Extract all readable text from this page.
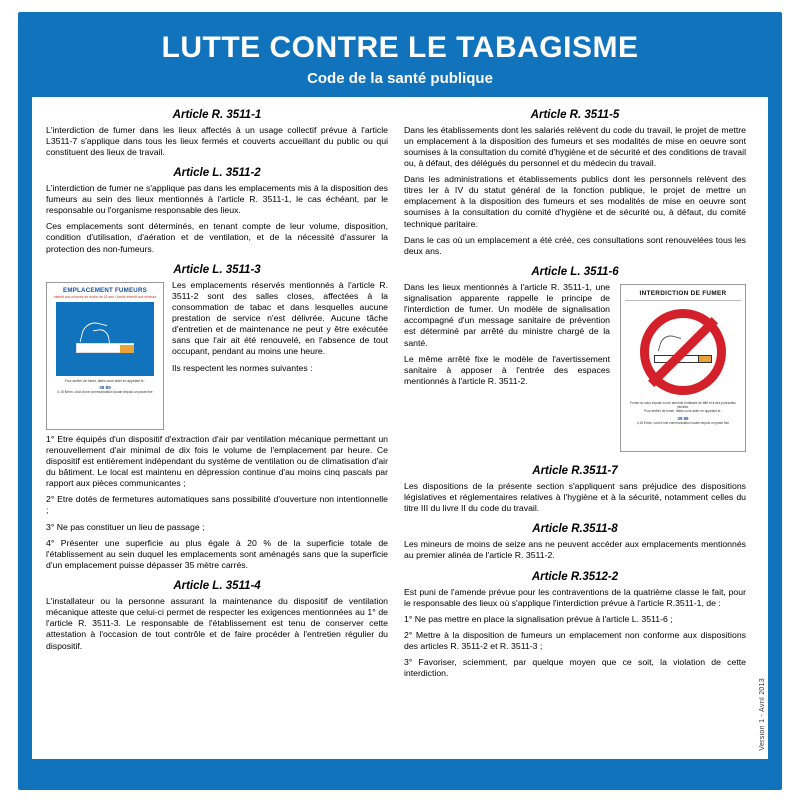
LUTTE CONTRE LE TABAGISME
Code de la santé publique
Article R. 3511-1

L'interdiction de fumer dans les lieux affectés à un usage collectif prévue à l'article L3511-7 s'applique dans tous les lieux fermés et couverts accueillant du public ou qui constituent des lieux de travail.

Article L. 3511-2

L'interdiction de fumer ne s'applique pas dans les emplacements mis à la disposition des fumeurs au sein des lieux mentionnés à l'article R. 3511-1, le cas échéant, par le responsable ou l'organisme responsable des lieux.

Ces emplacements sont déterminés, en tenant compte de leur volume, disposition, condition d'utilisation, d'aération et de ventilation, et de la nécessité d'assurer la protection des non-fumeurs.

Article L. 3511-3
EMPLACEMENT FUMEURS
Interdit aux mineurs de moins de 18 ans / Accès interdit aux mineurs
Pour arrêter de fumer, faites-vous aider en appelant le :
39 89
0,15 €/min, coût d'une communication locale depuis un poste fixe

Les emplacements réservés mentionnés à l'article R. 3511-2 sont des salles closes, affectées à la consommation de tabac et dans lesquelles aucune prestation de service n'est délivrée. Aucune tâche d'entretien et de maintenance ne peut y être exécutée sans que l'air ait été renouvelé, en l'absence de tout occupant, pendant au moins une heure.

Ils respectent les normes suivantes :

1° Etre équipés d'un dispositif d'extraction d'air par ventilation mécanique permettant un renouvellement d'air minimal de dix fois le volume de l'emplacement par heure. Ce dispositif est entièrement indépendant du système de ventilation ou de climatisation d'air du bâtiment. Le local est maintenu en dépression continue d'au moins cinq pascals par rapport aux pièces communicantes ;

2° Etre dotés de fermetures automatiques sans possibilité d'ouverture non intentionnelle ;

3° Ne pas constituer un lieu de passage ;

4° Présenter une superficie au plus égale à 20 % de la superficie totale de l'établissement au sein duquel les emplacements sont aménagés sans que la superficie d'un emplacement puisse dépasser 35 mètre carrés.

Article L. 3511-4

L'installateur ou la personne assurant la maintenance du dispositif de ventilation mécanique atteste que celui-ci permet de respecter les exigences mentionnées au 1° de l'article R. 3511-3. Le responsable de l'établissement est tenu de conserver cette attestation à l'occasion de tout contrôle et de faire procéder à l'entretien régulier du dispositif.

Article R. 3511-5

Dans les établissements dont les salariés relèvent du code du travail, le projet de mettre un emplacement à la disposition des fumeurs et ses modalités de mise en oeuvre sont soumises à la consultation du comité d'hygiène et de sécurité et des conditions de travail ou, à défaut, des délégués du personnel et du médecin du travail.

Dans les administrations et établissements publics dont les personnels relèvent des titres Ier à IV du statut général de la fonction publique, le projet de mettre un emplacement à la disposition des fumeurs et ses modalités de mise en oeuvre sont soumises à la consultation du comité d'hygiène et de sécurité ou, à défaut, du comité technique paritaire.

Dans le cas où un emplacement a été créé, ces consultations sont renouvelées tous les deux ans.

Article L. 3511-6
INTERDICTION DE FUMER
Fumer ici vous expose à une amende forfaitaire de 68€ et à des poursuites pénales.
Pour arrêter de fumer, faites-vous aider en appelant le :
39 89
0,15 €/min, coût d'une communication locale depuis un poste fixe

Dans les lieux mentionnés à l'article R. 3511-1, une signalisation apparente rappelle le principe de l'interdiction de fumer. Un modèle de signalisation accompagné d'un message sanitaire de prévention est déterminé par arrêté du ministre chargé de la santé.

Le même arrêté fixe le modèle de l'avertissement sanitaire à apposer à l'entrée des espaces mentionnés à l'article R. 3511-2.

Article R.3511-7

Les dispositions de la présente section s'appliquent sans préjudice des dispositions législatives et réglementaires relatives à l'hygiène et à la sécurité, notamment celles du titre III du livre II du code du travail.

Article R.3511-8

Les mineurs de moins de seize ans ne peuvent accéder aux emplacements mentionnés au premier alinéa de l'article R. 3511-2.

Article R.3512-2

Est puni de l'amende prévue pour les contraventions de la quatrième classe le fait, pour le responsable des lieux où s'applique l'interdiction prévue à l'article R.3511-1, de :

1° Ne pas mettre en place la signalisation prévue à l'article L. 3511-6 ;

2° Mettre à la disposition de fumeurs un emplacement non conforme aux dispositions des articles R. 3511-2 et R. 3511-3 ;

3° Favoriser, sciemment, par quelque moyen que ce soit, la violation de cette interdiction.

Version 1 - Avril 2013
